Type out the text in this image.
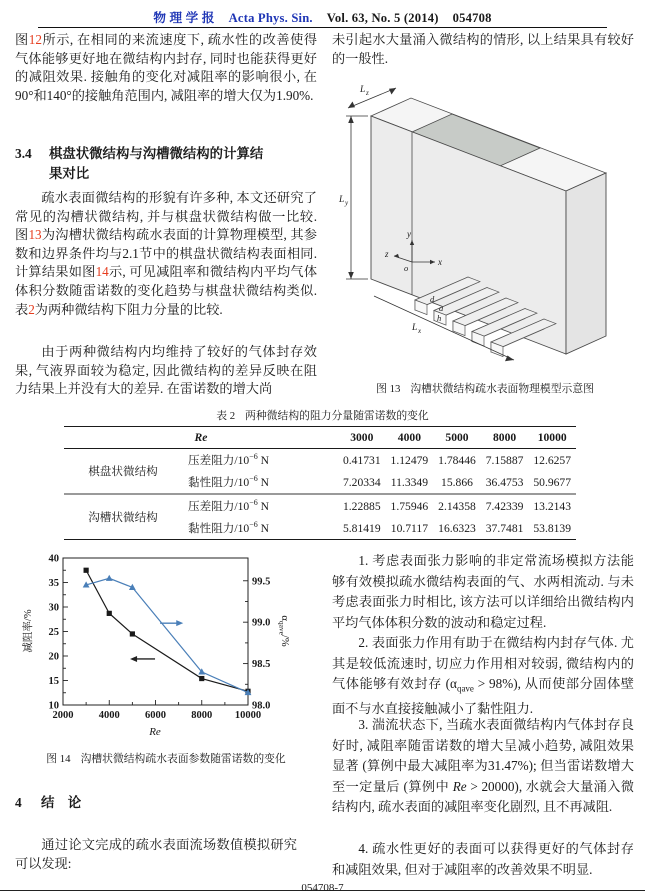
物 理 学 报 Acta Phys. Sin. Vol. 63, No. 5 (2014) 054708
图12所示, 在相同的来流速度下, 疏水性的改善使得气体能够更好地在微结构内封存, 同时也能获得更好的减阻效果. 接触角的变化对减阻率的影响很小, 在90°和140°的接触角范围内, 减阻率的增大仅为1.90%.
3.4	棋盘状微结构与沟槽微结构的计算结果对比
疏水表面微结构的形貌有许多种, 本文还研究了常见的沟槽状微结构, 并与棋盘状微结构做一比较. 图13为沟槽状微结构疏水表面的计算物理模型, 其参数和边界条件均与2.1节中的棋盘状微结构表面相同. 计算结果如图14示, 可见减阻率和微结构内平均气体体积分数随雷诺数的变化趋势与棋盘状微结构类似. 表2为两种微结构下阻力分量的比较.
由于两种微结构内均维持了较好的气体封存效果, 气液界面较为稳定, 因此微结构的差异反映在阻力结果上并没有大的差异. 在雷诺数的增大尚
未引起水大量涌入微结构的情形, 以上结果具有较好的一般性.
L z
L y
L x
y
x
z
o
d
a
h
图 13 沟槽状微结构疏水表面物理模型示意图
表 2 两种微结构的阻力分量随雷诺数的变化
Re		3000	4000	5000	8000	10000
棋盘状微结构	压差阻力$/10^{-6}$ N	0.41731	1.12479	1.78446	7.15887	12.6257
	黏性阻力$/10^{-6}$ N	7.20334	11.3349	15.866	36.4753	50.9677
沟槽状微结构	压差阻力$/10^{-6}$ N	1.22885	1.75946	2.14358	7.42339	13.2143
	黏性阻力$/10^{-6}$ N	5.81419	10.7117	16.6323	37.7481	53.8139
2000 4000 6000 8000 10000
10
15
20
25
30
35
40
98.0
98.5
99.0
99.5
Re
减阻率/%	$\alpha_{qave}/\%$
图 14 沟槽状微结构疏水表面参数随雷诺数的变化
4	结　论
通过论文完成的疏水表面流场数值模拟研究可以发现:
1. 考虑表面张力影响的非定常流场模拟方法能够有效模拟疏水微结构表面的气、水两相流动. 与未考虑表面张力时相比, 该方法可以详细给出微结构内平均气体体积分数的波动和稳定过程.
2. 表面张力作用有助于在微结构内封存气体. 尤其是较低流速时, 切应力作用相对较弱, 微结构内的气体能够有效封存 $(\alpha_{qave} > 98\%)$, 从而使部分固体壁面不与水直接接触减小了黏性阻力.
3. 湍流状态下, 当疏水表面微结构内气体封存良好时, 减阻率随雷诺数的增大呈减小趋势, 减阻效果显著 (算例中最大减阻率为31.47%); 但当雷诺数增大至一定量后 (算例中 Re > 20000), 水就会大量涌入微结构内, 疏水表面的减阻率变化剧烈, 且不再减阻.
4. 疏水性更好的表面可以获得更好的气体封存和减阻效果, 但对于减阻率的改善效果不明显.
054708-7
